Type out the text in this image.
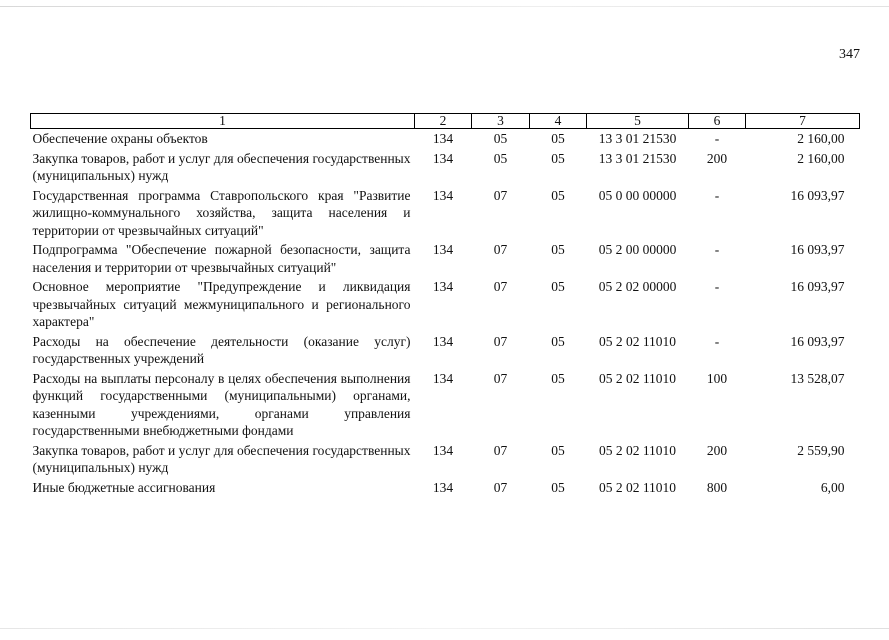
347
1	2	3	4	5	6	7
Обеспечение охраны объектов	134	05	05	13 3 01 21530	-	2 160,00
Закупка товаров, работ и услуг для обеспечения государственных (муниципальных) нужд	134	05	05	13 3 01 21530	200	2 160,00
Государственная программа Ставропольского края "Развитие жилищно-коммунального хозяйства, защита населения и территории от чрезвычайных ситуаций"	134	07	05	05 0 00 00000	-	16 093,97
Подпрограмма "Обеспечение пожарной безопасности, защита населения и территории от чрезвычайных ситуаций"	134	07	05	05 2 00 00000	-	16 093,97
Основное мероприятие "Предупреждение и ликвидация чрезвычайных ситуаций межмуниципального и регионального характера"	134	07	05	05 2 02 00000	-	16 093,97
Расходы на обеспечение деятельности (оказание услуг) государственных учреждений	134	07	05	05 2 02 11010	-	16 093,97
Расходы на выплаты персоналу в целях обеспечения выполнения функций государственными (муниципальными) органами, казенными учреждениями, органами управления государственными внебюджетными фондами	134	07	05	05 2 02 11010	100	13 528,07
Закупка товаров, работ и услуг для обеспечения государственных (муниципальных) нужд	134	07	05	05 2 02 11010	200	2 559,90
Иные бюджетные ассигнования	134	07	05	05 2 02 11010	800	6,00
